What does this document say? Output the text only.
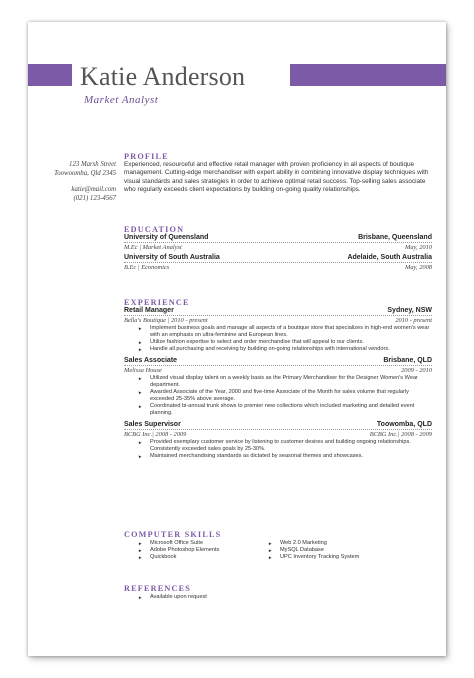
Katie Anderson
Market Analyst
123 Marsh Street
Toowoomba, Qld 2345
katie@mail.com
(021) 123-4567
PROFILE
Experienced, resourceful and effective retail manager with proven proficiency in all aspects of boutique management. Cutting-edge merchandiser with expert ability in combining innovative display techniques with visual standards and sales strategies in order to achieve optimal retail success. Top-selling sales associate who regularly exceeds client expectations by building on-going quality relationships.
EDUCATION
University of Queensland	Brisbane, Queensland
M.Ec | Market Analyst	May, 2010
University of South Australia	Adelaide, South Australia
B.Ec | Economics	May, 2008
EXPERIENCE
Retail Manager	Sydney, NSW
Bella's Boutique | 2010 - present	2010 - present
► Implement business goals and manage all aspects of a boutique store that specializes in high-end women's wear with an emphasis on ultra-feminine and European lines.
► Utilize fashion expertise to select and order merchandise that will appeal to our clients.
► Handle all purchasing and receiving by building on-going relationships with international vendors.
Sales Associate	Brisbane, QLD
Melissa House	2009 - 2010
► Utilized visual display talent on a weekly basis as the Primary Merchandiser for the Designer Women's Wear department.
► Awarded Associate of the Year, 2000 and five-time Associate of the Month for sales volume that regularly exceeded 25-35% above average.
► Coordinated bi-annual trunk shows to premier new collections which included marketing and detailed event planning.
Sales Supervisor	Toowomba, QLD
BCBG Inc.| 2008 - 2009	BCBG Inc.| 2008 - 2009
► Provided exemplary customer service by listening to customer desires and building ongoing relationships. Consistently exceeded sales goals by 25-30%.
► Maintained merchandising standards as dictated by seasonal themes and showcases.
COMPUTER SKILLS
► Microsoft Office Suite
► Adobe Photoshop Elements
► Quickbook
► Web 2.0 Marketing
► MySQL Database
► UPC Inventory Tracking System
REFERENCES
► Available upon request
